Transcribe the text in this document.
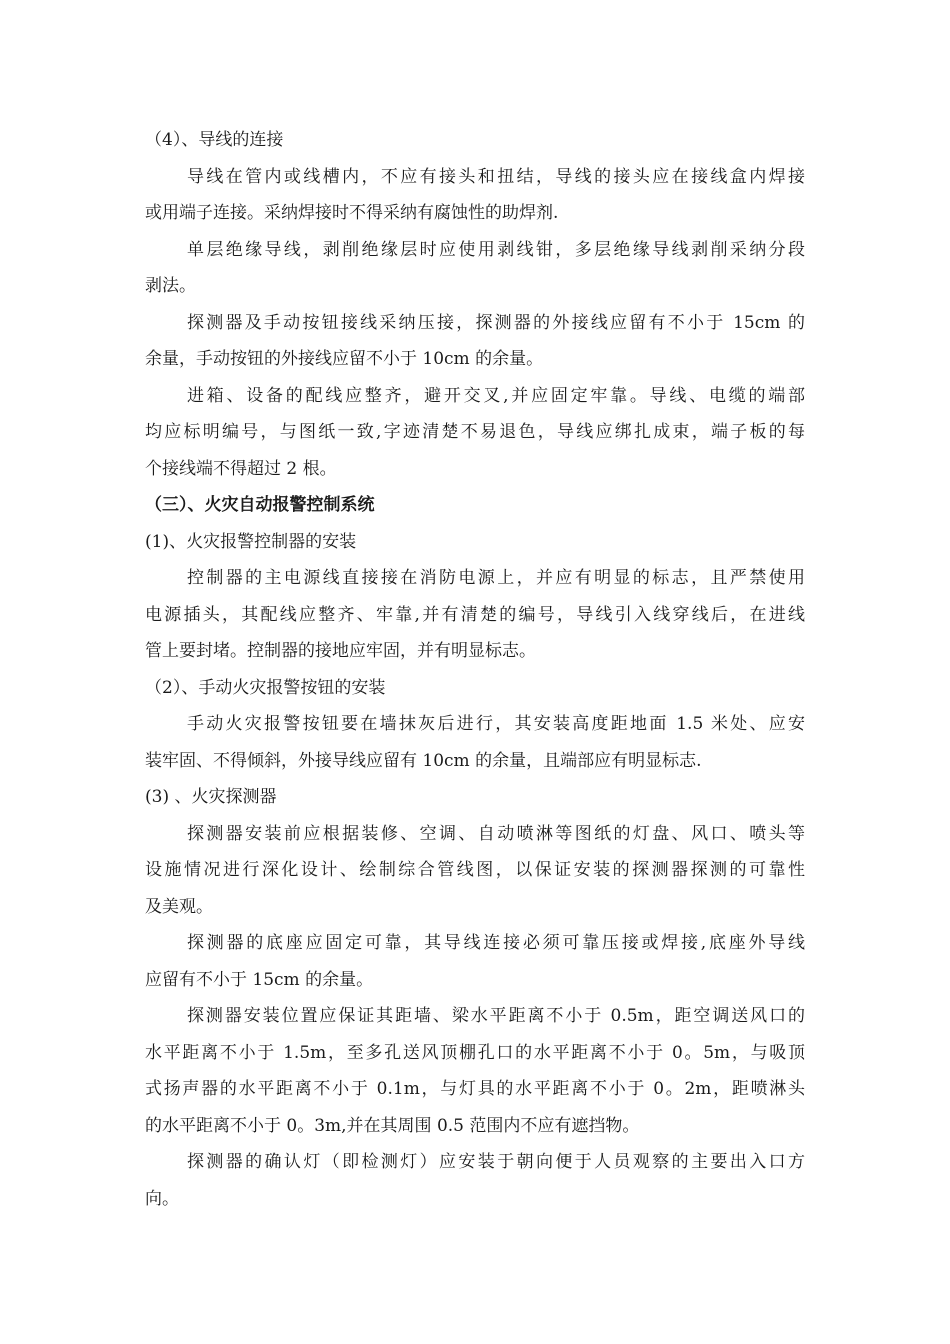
（4）、导线的连接
导线在管内或线槽内，不应有接头和扭结，导线的接头应在接线盒内焊接
或用端子连接。采纳焊接时不得采纳有腐蚀性的助焊剂.
单层绝缘导线，剥削绝缘层时应使用剥线钳，多层绝缘导线剥削采纳分段
剥法。
探测器及手动按钮接线采纳压接，探测器的外接线应留有不小于 15cm 的
余量，手动按钮的外接线应留不小于 10cm 的余量。
进箱、设备的配线应整齐，避开交叉,并应固定牢靠。导线、电缆的端部
均应标明编号，与图纸一致,字迹清楚不易退色，导线应绑扎成束，端子板的每
个接线端不得超过 2 根。
（三）、火灾自动报警控制系统
(1)、火灾报警控制器的安装
控制器的主电源线直接接在消防电源上，并应有明显的标志，且严禁使用
电源插头，其配线应整齐、牢靠,并有清楚的编号，导线引入线穿线后，在进线
管上要封堵。控制器的接地应牢固，并有明显标志。
（2）、手动火灾报警按钮的安装
手动火灾报警按钮要在墙抹灰后进行，其安装高度距地面 1.5 米处、应安
装牢固、不得倾斜，外接导线应留有 10cm 的余量，且端部应有明显标志.
(3) 、火灾探测器
探测器安装前应根据装修、空调、自动喷淋等图纸的灯盘、风口、喷头等
设施情况进行深化设计、绘制综合管线图，以保证安装的探测器探测的可靠性
及美观。
探测器的底座应固定可靠，其导线连接必须可靠压接或焊接,底座外导线
应留有不小于 15cm 的余量。
探测器安装位置应保证其距墙、梁水平距离不小于 0.5m，距空调送风口的
水平距离不小于 1.5m，至多孔送风顶棚孔口的水平距离不小于 0。5m，与吸顶
式扬声器的水平距离不小于 0.1m，与灯具的水平距离不小于 0。2m，距喷淋头
的水平距离不小于 0。3m,并在其周围 0.5 范围内不应有遮挡物。
探测器的确认灯（即检测灯）应安装于朝向便于人员观察的主要出入口方
向。
